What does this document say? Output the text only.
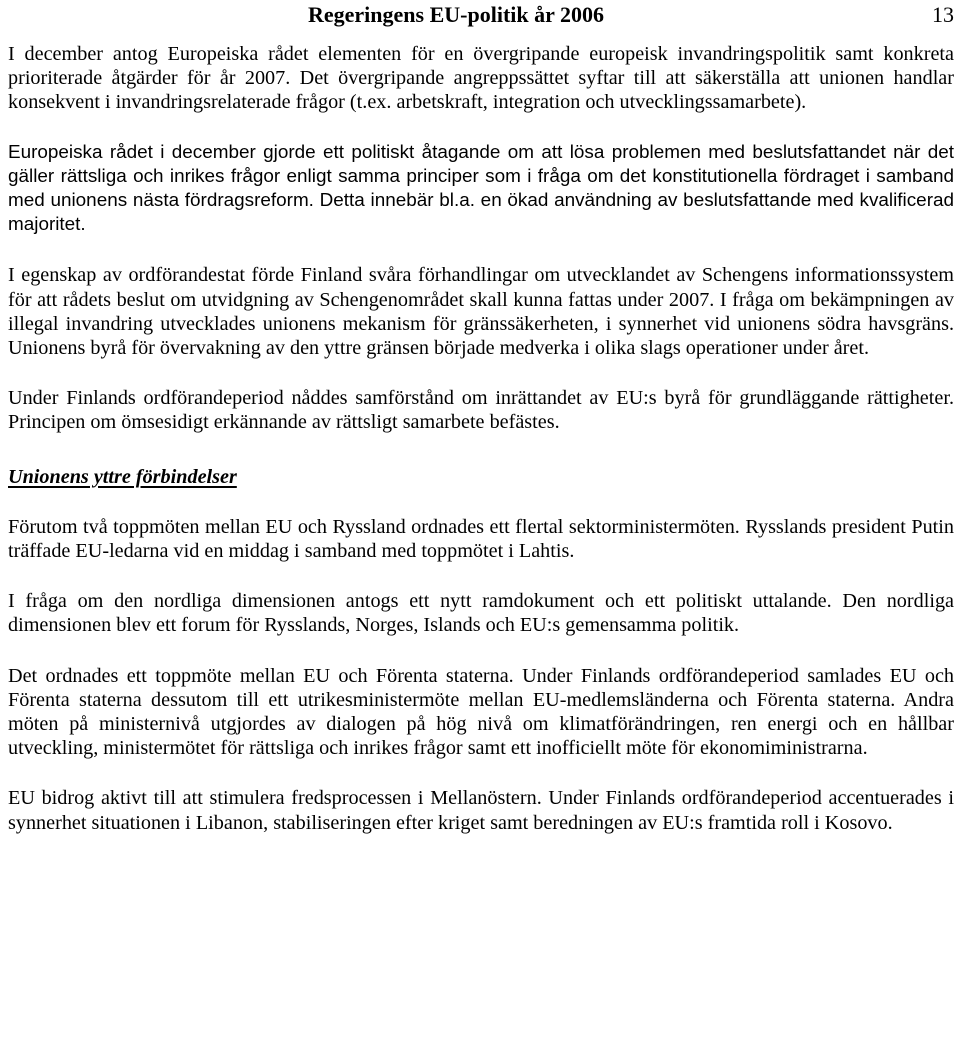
Regeringens EU-politik år 2006	13

I december antog Europeiska rådet elementen för en övergripande europeisk invandringspolitik samt konkreta prioriterade åtgärder för år 2007. Det övergripande angreppssättet syftar till att säkerställa att unionen handlar konsekvent i invandringsrelaterade frågor (t.ex. arbetskraft, integration och utvecklingssamarbete).

Europeiska rådet i december gjorde ett politiskt åtagande om att lösa problemen med beslutsfattandet när det gäller rättsliga och inrikes frågor enligt samma principer som i fråga om det konstitutionella fördraget i samband med unionens nästa fördragsreform. Detta innebär bl.a. en ökad användning av beslutsfattande med kvalificerad majoritet.

I egenskap av ordförandestat förde Finland svåra förhandlingar om utvecklandet av Schengens informationssystem för att rådets beslut om utvidgning av Schengenområdet skall kunna fattas under 2007. I fråga om bekämpningen av illegal invandring utvecklades unionens mekanism för gränssäkerheten, i synnerhet vid unionens södra havsgräns. Unionens byrå för övervakning av den yttre gränsen började medverka i olika slags operationer under året.

Under Finlands ordförandeperiod nåddes samförstånd om inrättandet av EU:s byrå för grundläggande rättigheter. Principen om ömsesidigt erkännande av rättsligt samarbete befästes.

Unionens yttre förbindelser

Förutom två toppmöten mellan EU och Ryssland ordnades ett flertal sektorministermöten. Rysslands president Putin träffade EU-ledarna vid en middag i samband med toppmötet i Lahtis.

I fråga om den nordliga dimensionen antogs ett nytt ramdokument och ett politiskt uttalande. Den nordliga dimensionen blev ett forum för Rysslands, Norges, Islands och EU:s gemensamma politik.

Det ordnades ett toppmöte mellan EU och Förenta staterna. Under Finlands ordförandeperiod samlades EU och Förenta staterna dessutom till ett utrikesministermöte mellan EU-medlemsländerna och Förenta staterna. Andra möten på ministernivå utgjordes av dialogen på hög nivå om klimatförändringen, ren energi och en hållbar utveckling, ministermötet för rättsliga och inrikes frågor samt ett inofficiellt möte för ekonomiministrarna.

EU bidrog aktivt till att stimulera fredsprocessen i Mellanöstern. Under Finlands ordförandeperiod accentuerades i synnerhet situationen i Libanon, stabiliseringen efter kriget samt beredningen av EU:s framtida roll i Kosovo.
